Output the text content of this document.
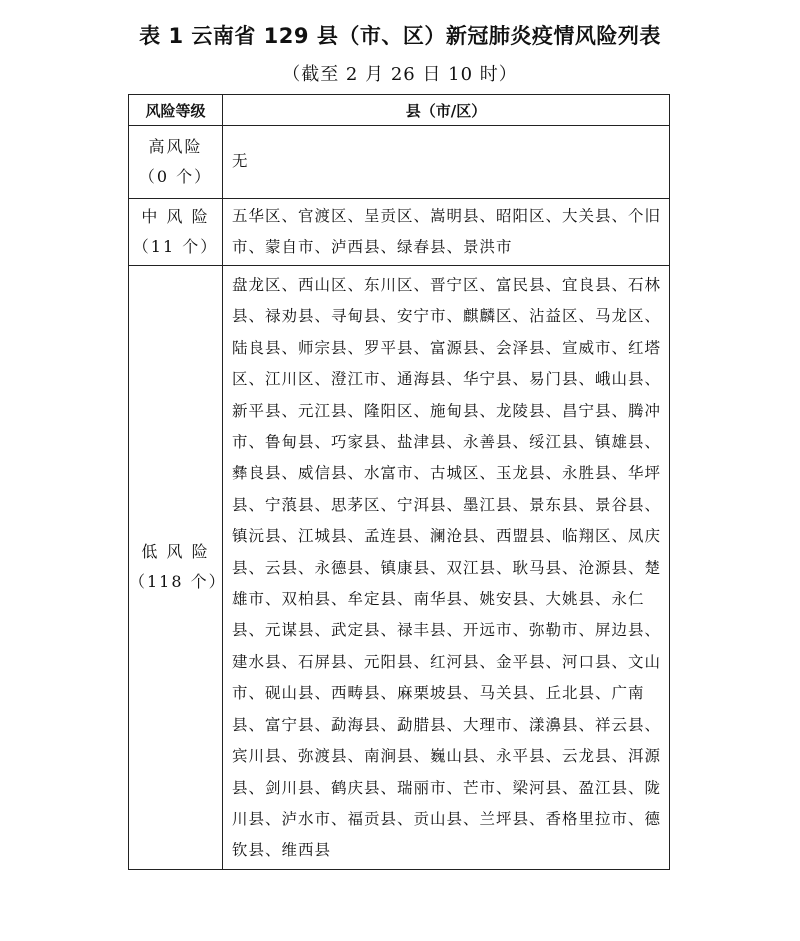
表 1 云南省 129 县（市、区）新冠肺炎疫情风险列表
（截至 2 月 26 日 10 时）
风险等级	县（市/区）

高风险
（0 个）	无

中 风 险
（11 个）	五华区、官渡区、呈贡区、嵩明县、昭阳区、大关县、个旧市、蒙自市、泸西县、绿春县、景洪市

低 风 险
（118 个）	盘龙区、西山区、东川区、晋宁区、富民县、宜良县、石林县、禄劝县、寻甸县、安宁市、麒麟区、沾益区、马龙区、陆良县、师宗县、罗平县、富源县、会泽县、宣威市、红塔区、江川区、澄江市、通海县、华宁县、易门县、峨山县、新平县、元江县、隆阳区、施甸县、龙陵县、昌宁县、腾冲市、鲁甸县、巧家县、盐津县、永善县、绥江县、镇雄县、彝良县、威信县、水富市、古城区、玉龙县、永胜县、华坪县、宁蒗县、思茅区、宁洱县、墨江县、景东县、景谷县、镇沅县、江城县、孟连县、澜沧县、西盟县、临翔区、凤庆县、云县、永德县、镇康县、双江县、耿马县、沧源县、楚雄市、双柏县、牟定县、南华县、姚安县、大姚县、永仁县、元谋县、武定县、禄丰县、开远市、弥勒市、屏边县、建水县、石屏县、元阳县、红河县、金平县、河口县、文山市、砚山县、西畴县、麻栗坡县、马关县、丘北县、广南县、富宁县、勐海县、勐腊县、大理市、漾濞县、祥云县、宾川县、弥渡县、南涧县、巍山县、永平县、云龙县、洱源县、剑川县、鹤庆县、瑞丽市、芒市、梁河县、盈江县、陇川县、泸水市、福贡县、贡山县、兰坪县、香格里拉市、德钦县、维西县
